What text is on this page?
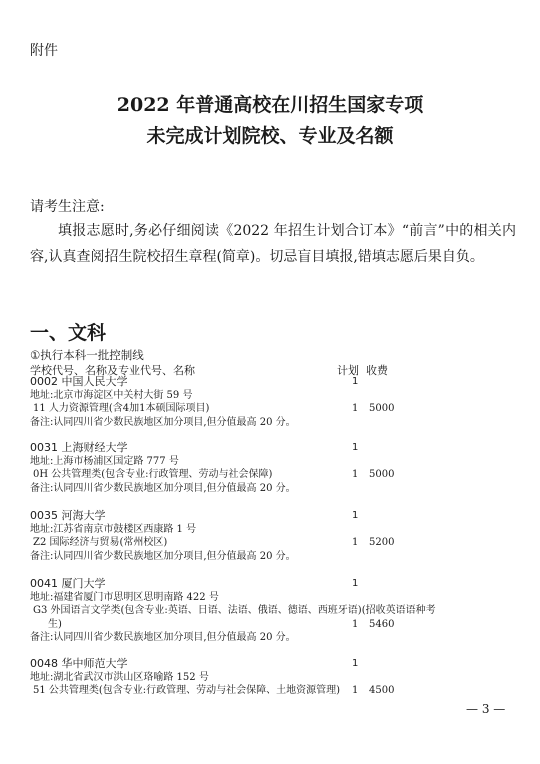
附件
2022 年普通高校在川招生国家专项
未完成计划院校、专业及名额
请考生注意:
填报志愿时,务必仔细阅读《2022 年招生计划合订本》“前言”中的相关内容,认真查阅招生院校招生章程(简章)。切忌盲目填报,错填志愿后果自负。
一、文科
①执行本科一批控制线
学校代号、名称及专业代号、名称	计划 收费
0002 中国人民大学	1
地址:北京市海淀区中关村大街 59 号
11 人力资源管理(含4加1本硕国际项目)	1 5000
备注:认同四川省少数民族地区加分项目,但分值最高 20 分。
0031 上海财经大学	1
地址:上海市杨浦区国定路 777 号
0H 公共管理类(包含专业:行政管理、劳动与社会保障)	1 5000
备注:认同四川省少数民族地区加分项目,但分值最高 20 分。
0035 河海大学	1
地址:江苏省南京市鼓楼区西康路 1 号
Z2 国际经济与贸易(常州校区)	1 5200
备注:认同四川省少数民族地区加分项目,但分值最高 20 分。
0041 厦门大学	1
地址:福建省厦门市思明区思明南路 422 号
G3 外国语言文学类(包含专业:英语、日语、法语、俄语、德语、西班牙语)(招收英语语种考
生)	1 5460
备注:认同四川省少数民族地区加分项目,但分值最高 20 分。
0048 华中师范大学	1
地址:湖北省武汉市洪山区珞喻路 152 号
51 公共管理类(包含专业:行政管理、劳动与社会保障、土地资源管理) 1 4500
— 3 —
